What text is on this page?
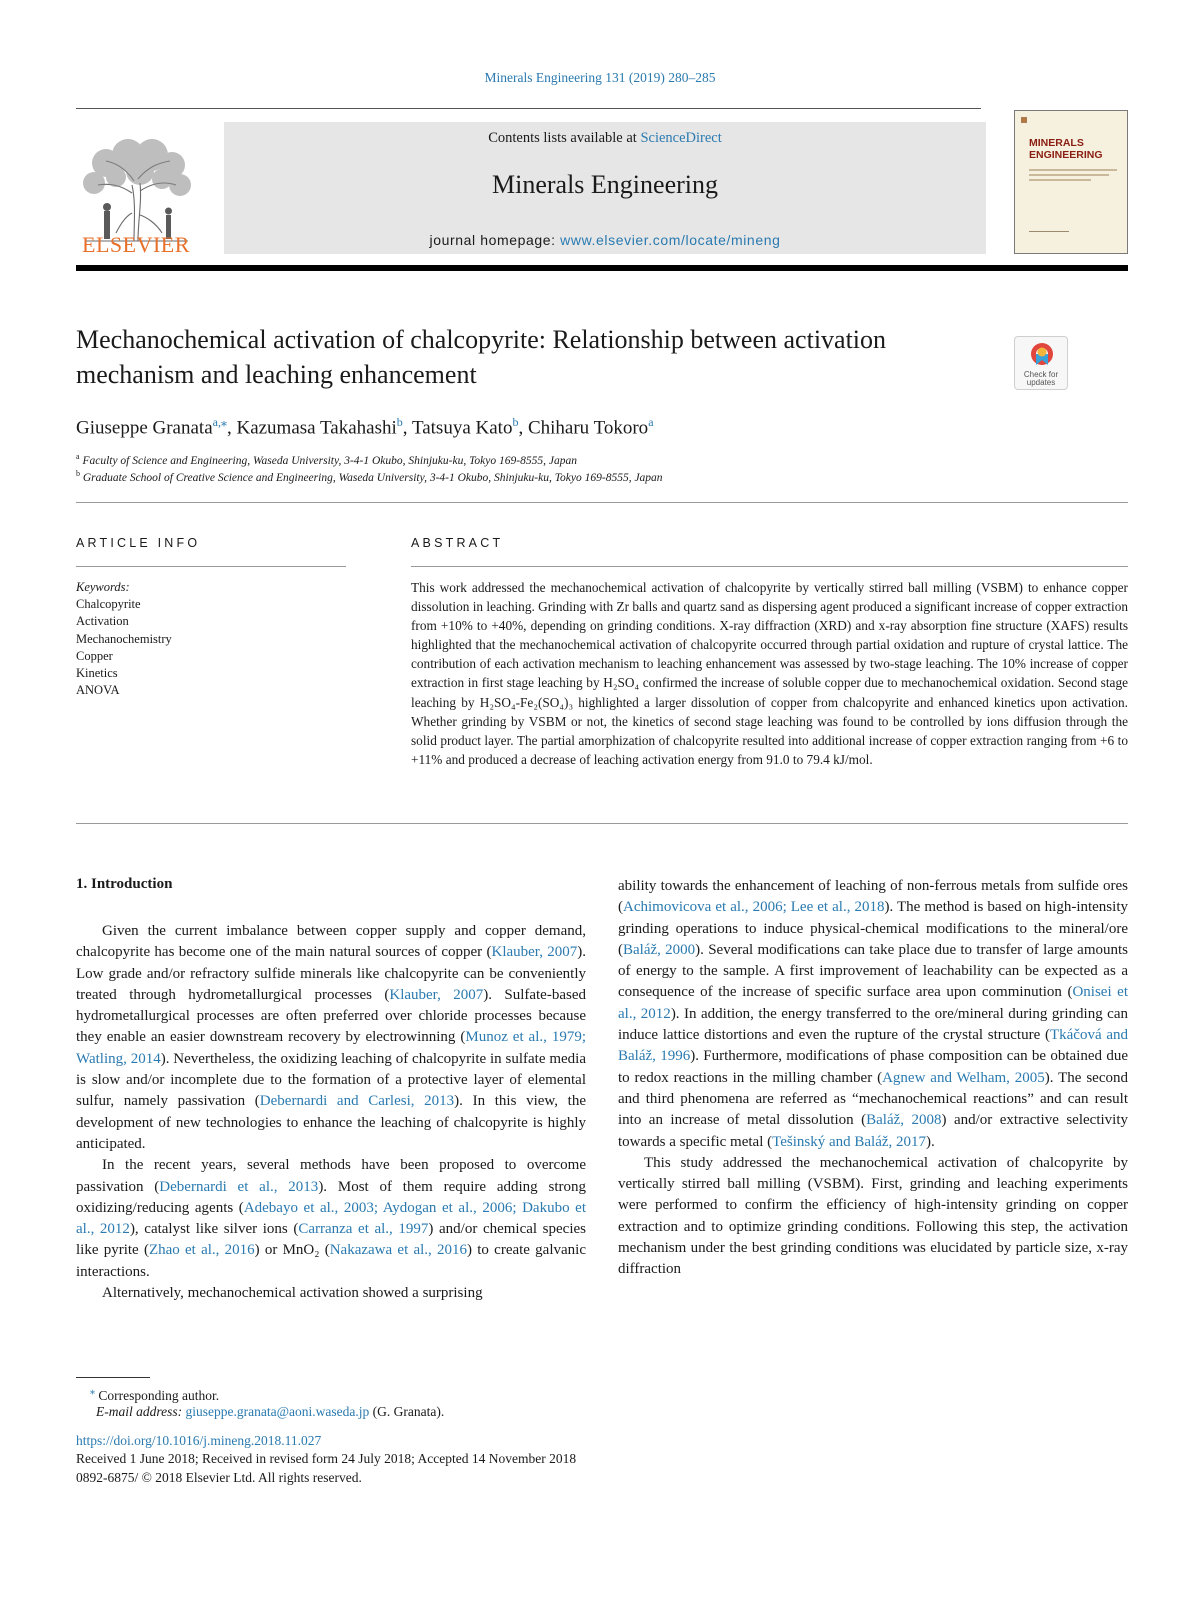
Minerals Engineering 131 (2019) 280–285
ELSEVIER
Contents lists available at ScienceDirect
Minerals Engineering
journal homepage: www.elsevier.com/locate/mineng
MINERALS ENGINEERING
Mechanochemical activation of chalcopyrite: Relationship between activation mechanism and leaching enhancement	Check for updates
Giuseppe Granata$^{a,⁎}$, Kazumasa Takahashi$^b$, Tatsuya Kato$^b$, Chiharu Tokoro$^a$
$^a$ Faculty of Science and Engineering, Waseda University, 3-4-1 Okubo, Shinjuku-ku, Tokyo 169-8555, Japan
$^b$ Graduate School of Creative Science and Engineering, Waseda University, 3-4-1 Okubo, Shinjuku-ku, Tokyo 169-8555, Japan
ARTICLE INFO
Keywords:
Chalcopyrite
Activation
Mechanochemistry
Copper
Kinetics
ANOVA
ABSTRACT

This work addressed the mechanochemical activation of chalcopyrite by vertically stirred ball milling (VSBM) to enhance copper dissolution in leaching. Grinding with Zr balls and quartz sand as dispersing agent produced a significant increase of copper extraction from +10% to +40%, depending on grinding conditions. X-ray diffraction (XRD) and x-ray absorption fine structure (XAFS) results highlighted that the mechanochemical activation of chalcopyrite occurred through partial oxidation and rupture of crystal lattice. The contribution of each activation mechanism to leaching enhancement was assessed by two-stage leaching. The 10% increase of copper extraction in first stage leaching by H₂SO₄ confirmed the increase of soluble copper due to mechanochemical oxidation. Second stage leaching by H₂SO₄-Fe₂(SO₄)₃ highlighted a larger dissolution of copper from chalcopyrite and enhanced kinetics upon activation. Whether grinding by VSBM or not, the kinetics of second stage leaching was found to be controlled by ions diffusion through the solid product layer. The partial amorphization of chalcopyrite resulted into additional increase of copper extraction ranging from +6 to +11% and produced a decrease of leaching activation energy from 91.0 to 79.4 kJ/mol.

1. Introduction

Given the current imbalance between copper supply and copper demand, chalcopyrite has become one of the main natural sources of copper (Klauber, 2007). Low grade and/or refractory sulfide minerals like chalcopyrite can be conveniently treated through hydrometallurgical processes (Klauber, 2007). Sulfate-based hydrometallurgical processes are often preferred over chloride processes because they enable an easier downstream recovery by electrowinning (Munoz et al., 1979; Watling, 2014). Nevertheless, the oxidizing leaching of chalcopyrite in sulfate media is slow and/or incomplete due to the formation of a protective layer of elemental sulfur, namely passivation (Debernardi and Carlesi, 2013). In this view, the development of new technologies to enhance the leaching of chalcopyrite is highly anticipated.

In the recent years, several methods have been proposed to overcome passivation (Debernardi et al., 2013). Most of them require adding strong oxidizing/reducing agents (Adebayo et al., 2003; Aydogan et al., 2006; Dakubo et al., 2012), catalyst like silver ions (Carranza et al., 1997) and/or chemical species like pyrite (Zhao et al., 2016) or MnO₂ (Nakazawa et al., 2016) to create galvanic interactions.

Alternatively, mechanochemical activation showed a surprising

ability towards the enhancement of leaching of non-ferrous metals from sulfide ores (Achimovicova et al., 2006; Lee et al., 2018). The method is based on high-intensity grinding operations to induce physical-chemical modifications to the mineral/ore (Baláž, 2000). Several modifications can take place due to transfer of large amounts of energy to the sample. A first improvement of leachability can be expected as a consequence of the increase of specific surface area upon comminution (Onisei et al., 2012). In addition, the energy transferred to the ore/mineral during grinding can induce lattice distortions and even the rupture of the crystal structure (Tkáčová and Baláž, 1996). Furthermore, modifications of phase composition can be obtained due to redox reactions in the milling chamber (Agnew and Welham, 2005). The second and third phenomena are referred as “mechanochemical reactions” and can result into an increase of metal dissolution (Baláž, 2008) and/or extractive selectivity towards a specific metal (Tešinský and Baláž, 2017).

This study addressed the mechanochemical activation of chalcopyrite by vertically stirred ball milling (VSBM). First, grinding and leaching experiments were performed to confirm the efficiency of high-intensity grinding on copper extraction and to optimize grinding conditions. Following this step, the activation mechanism under the best grinding conditions was elucidated by particle size, x-ray diffraction

⁎ Corresponding author.
E-mail address: giuseppe.granata@aoni.waseda.jp (G. Granata).
https://doi.org/10.1016/j.mineng.2018.11.027
Received 1 June 2018; Received in revised form 24 July 2018; Accepted 14 November 2018
0892-6875/ © 2018 Elsevier Ltd. All rights reserved.
